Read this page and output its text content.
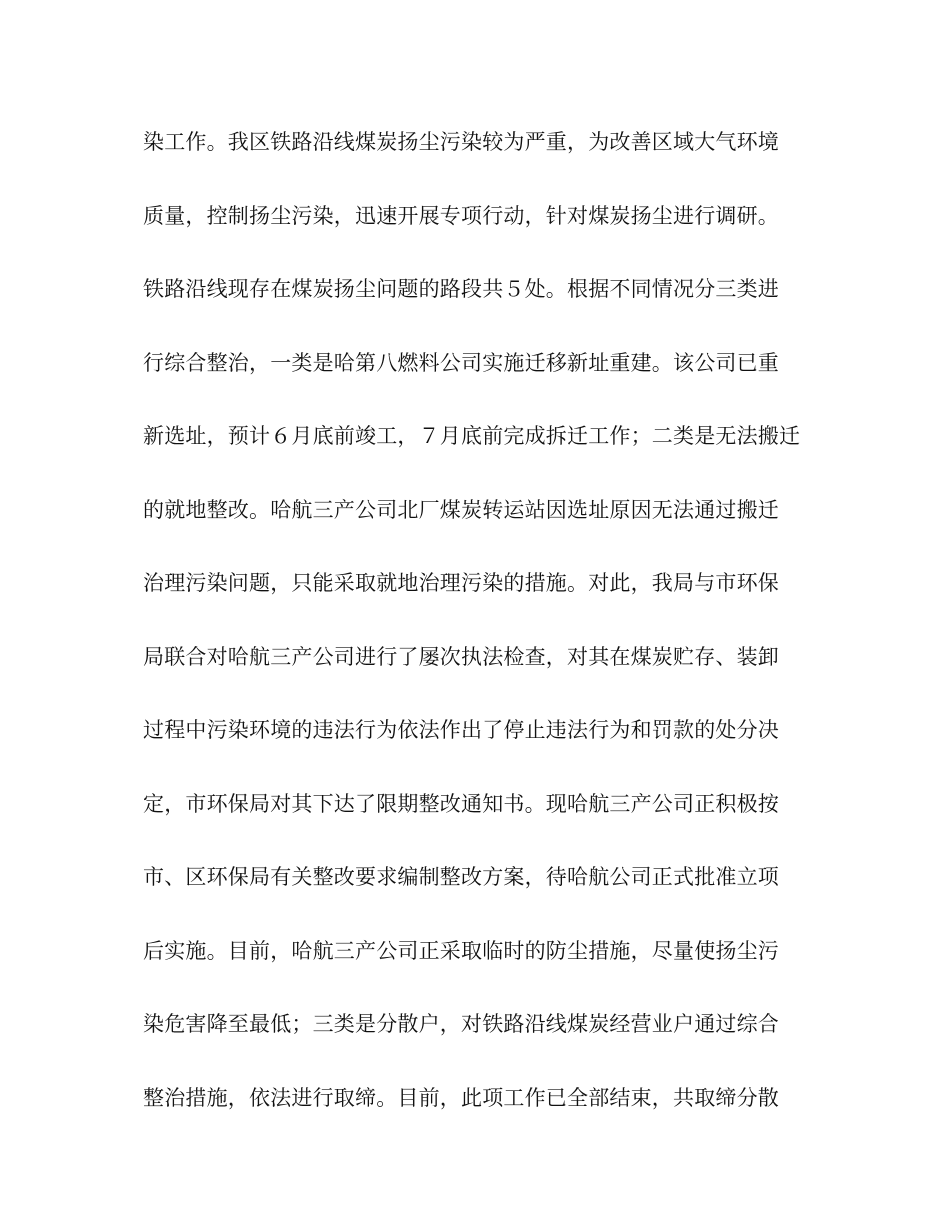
染工作。我区铁路沿线煤炭扬尘污染较为严重，为改善区域大气环境
质量，控制扬尘污染，迅速开展专项行动，针对煤炭扬尘进行调研。
铁路沿线现存在煤炭扬尘问题的路段共５处。根据不同情况分三类进
行综合整治，一类是哈第八燃料公司实施迁移新址重建。该公司已重
新选址，预计６月底前竣工，７月底前完成拆迁工作；二类是无法搬迁
的就地整改。哈航三产公司北厂煤炭转运站因选址原因无法通过搬迁
治理污染问题，只能采取就地治理污染的措施。对此，我局与市环保
局联合对哈航三产公司进行了屡次执法检查，对其在煤炭贮存、装卸
过程中污染环境的违法行为依法作出了停止违法行为和罚款的处分决
定，市环保局对其下达了限期整改通知书。现哈航三产公司正积极按
市、区环保局有关整改要求编制整改方案，待哈航公司正式批准立项
后实施。目前，哈航三产公司正采取临时的防尘措施，尽量使扬尘污
染危害降至最低；三类是分散户，对铁路沿线煤炭经营业户通过综合
整治措施，依法进行取缔。目前，此项工作已全部结束，共取缔分散
